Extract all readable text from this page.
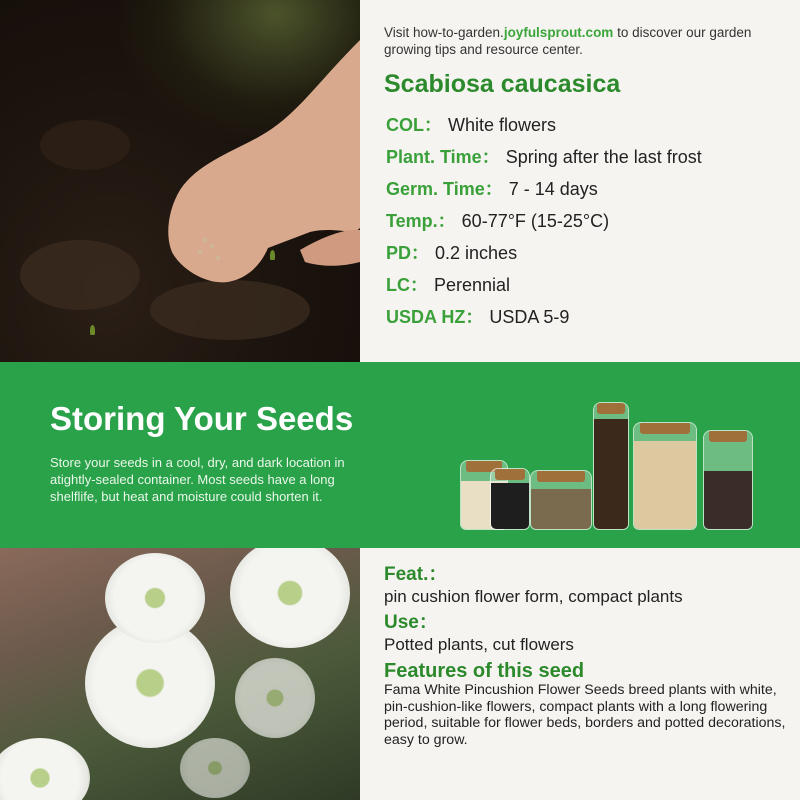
Visit how-to-garden.joyfulsprout.com to discover our garden growing tips and resource center.
Scabiosa caucasica
COL： White flowers
Plant. Time： Spring after the last frost
Germ. Time： 7 - 14 days
Temp.： 60-77°F (15-25°C)
PD： 0.2 inches
LC： Perennial
USDA HZ： USDA 5-9
Storing Your Seeds
Store your seeds in a cool, dry, and dark location in atightly-sealed container. Most seeds have a long shelflife, but heat and moisture could shorten it.
Feat.：
pin cushion flower form, compact plants
Use：
Potted plants, cut flowers
Features of this seed
Fama White Pincushion Flower Seeds breed plants with white, pin-cushion-like flowers, compact plants with a long flowering period, suitable for flower beds, borders and potted decorations, easy to grow.
